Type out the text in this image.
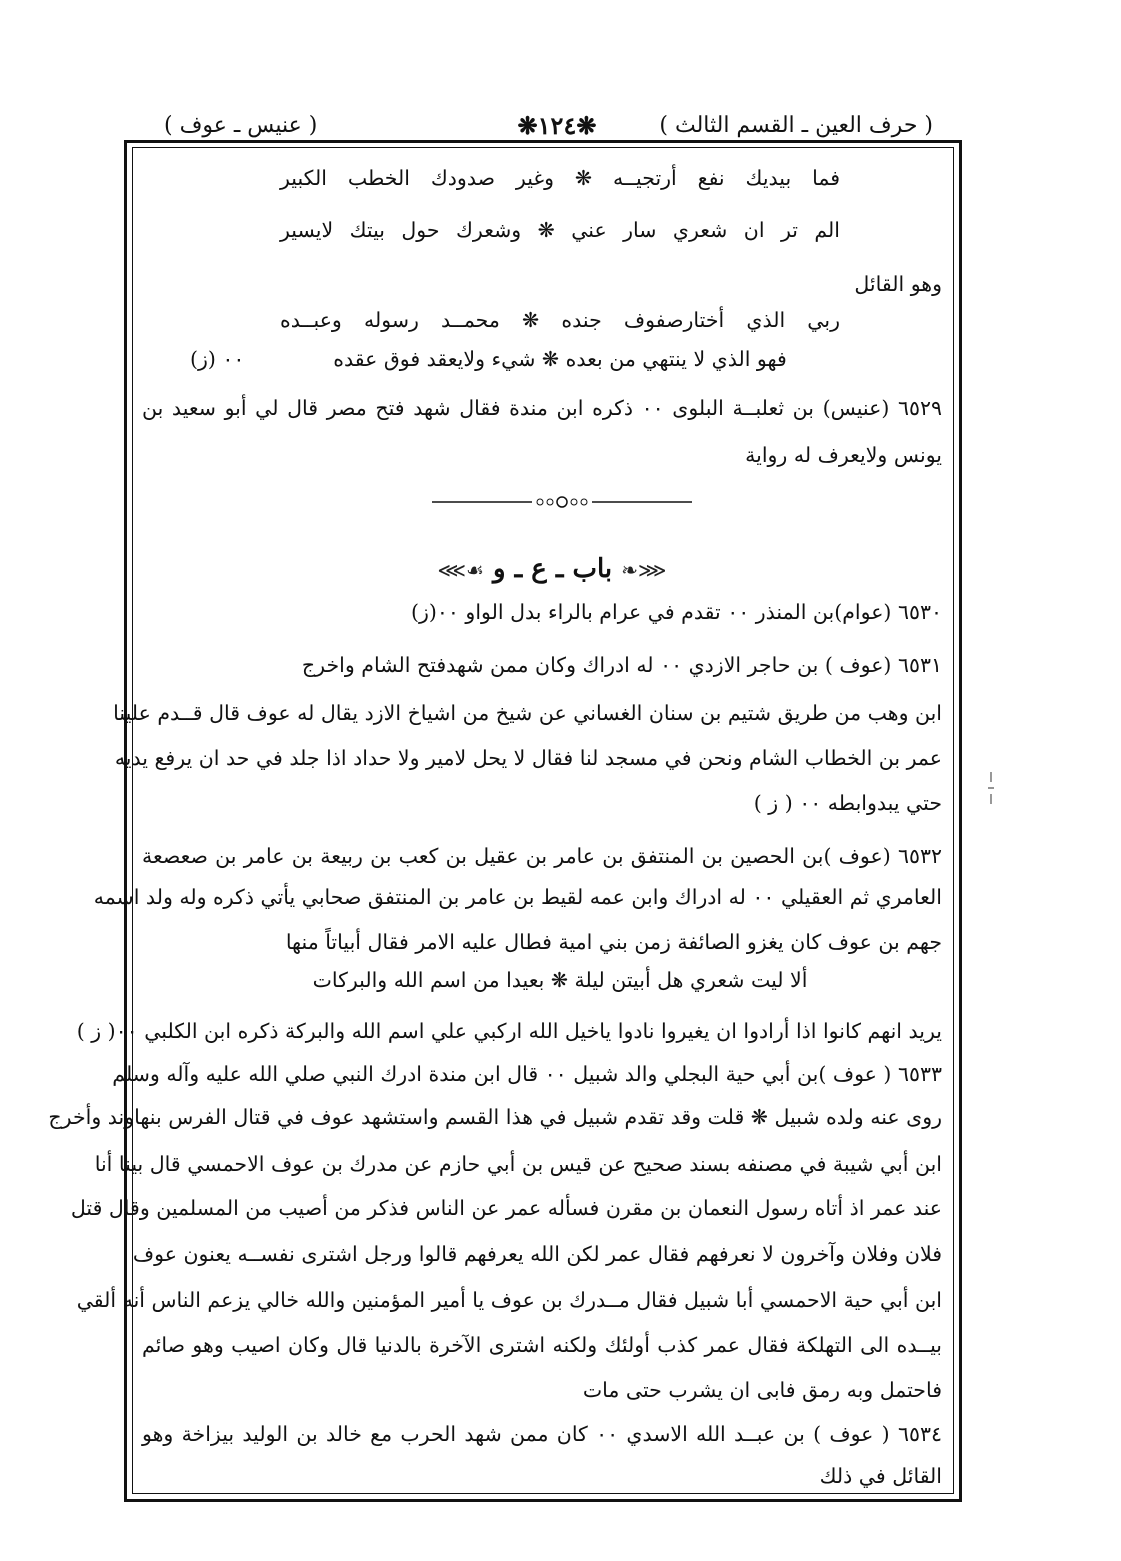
( حرف العين ـ القسم الثالث )
❋١٢٤❋
( عنيس ـ عوف )
فما بيديك نفع أرتجيــه ❋ وغير صدودك الخطب الكبير
الم تر ان شعري سار عني ❋ وشعرك حول بيتك لايسير
وهو القائل
ربي الذي أختارصفوف جنده ❋ محمــد رسوله وعبــده
فهو الذي لا ينتهي من بعده ❋ شيء ولايعقد فوق عقده
٠٠ (ز)
٦٥٢٩ (عنيس) بن ثعلبــة البلوى ٠٠ ذكره ابن مندة فقال شهد فتح مصر قال لي أبو سعيد بن
يونس ولايعرف له رواية
⋘❧ باب ـ ع ـ و ☙⋙
٦٥٣٠ (عوام)بن المنذر ٠٠ تقدم في عرام بالراء بدل الواو ٠٠(ز)
٦٥٣١ (عوف ) بن حاجر الازدي ٠٠ له ادراك وكان ممن شهدفتح الشام واخرج
ابن وهب من طريق شتيم بن سنان الغساني عن شيخ من اشياخ الازد يقال له عوف قال قــدم علينا
عمر بن الخطاب الشام ونحن في مسجد لنا فقال لا يحل لامير ولا حداد اذا جلد في حد ان يرفع يديه
حتي يبدوابطه ٠٠ ( ز )
٦٥٣٢ (عوف )بن الحصين بن المنتفق بن عامر بن عقيل بن كعب بن ربيعة بن عامر بن صعصعة
العامري ثم العقيلي ٠٠ له ادراك وابن عمه لقيط بن عامر بن المنتفق صحابي يأتي ذكره وله ولد اسمه
جهم بن عوف كان يغزو الصائفة زمن بني امية فطال عليه الامر فقال أبياتاً منها
ألا ليت شعري هل أبيتن ليلة ❋ بعيدا من اسم الله والبركات
يريد انهم كانوا اذا أرادوا ان يغيروا نادوا ياخيل الله اركبي علي اسم الله والبركة ذكره ابن الكلبي ٠٠( ز )
٦٥٣٣ ( عوف )بن أبي حية البجلي والد شبيل ٠٠ قال ابن مندة ادرك النبي صلي الله عليه وآله وسلم
روى عنه ولده شبيل ❋ قلت وقد تقدم شبيل في هذا القسم واستشهد عوف في قتال الفرس بنهاوند وأخرج
ابن أبي شيبة في مصنفه بسند صحيح عن قيس بن أبي حازم عن مدرك بن عوف الاحمسي قال بينا أنا
عند عمر اذ أتاه رسول النعمان بن مقرن فسأله عمر عن الناس فذكر من أصيب من المسلمين وقال قتل
فلان وفلان وآخرون لا نعرفهم فقال عمر لكن الله يعرفهم قالوا ورجل اشترى نفســه يعنون عوف
ابن أبي حية الاحمسي أبا شبيل فقال مــدرك بن عوف يا أمير المؤمنين والله خالي يزعم الناس أنه ألقي
بيــده الى التهلكة فقال عمر كذب أولئك ولكنه اشترى الآخرة بالدنيا قال وكان اصيب وهو صائم
فاحتمل وبه رمق فابى ان يشرب حتى مات
٦٥٣٤ ( عوف ) بن عبــد الله الاسدي ٠٠ كان ممن شهد الحرب مع خالد بن الوليد بيزاخة وهو
القائل في ذلك
